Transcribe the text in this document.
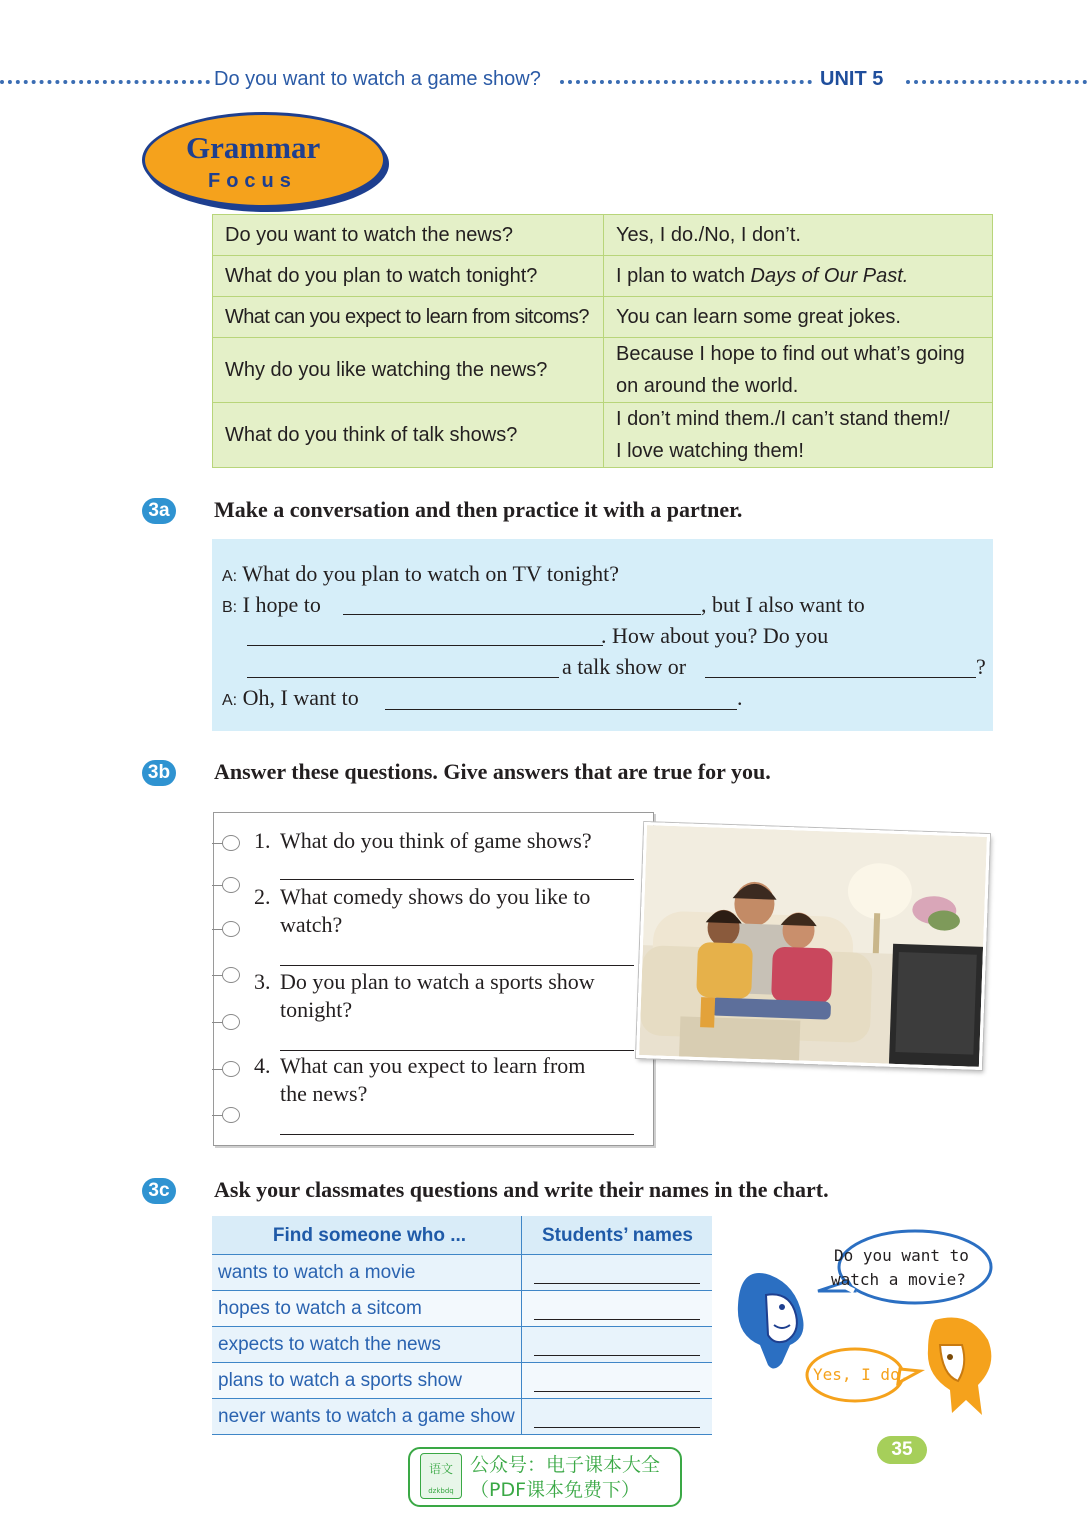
Do you want to watch a game show?	UNIT 5
Grammar
Focus
Do you want to watch the news?	Yes, I do./No, I don’t.
What do you plan to watch tonight?	I plan to watch Days of Our Past.
What can you expect to learn from sitcoms?	You can learn some great jokes.
Why do you like watching the news?	Because I hope to find out what’s going
on around the world.

What do you think of talk shows?	I don’t mind them./I can’t stand them!/
I love watching them!
3a Make a conversation and then practice it with a partner.
A: What do you plan to watch on TV tonight?
B: I hope to	, but I also want to
. How about you? Do you
a talk show or	?
A: Oh, I want to	.
3b Answer these questions. Give answers that are true for you.
1. What do you think of game shows?
2. What comedy shows do you like to
watch?
3. Do you plan to watch a sports show
tonight?
4. What can you expect to learn from
the news?
3c Ask your classmates questions and write their names in the chart.
Find someone who ...	Students’ names
wants to watch a movie
hopes to watch a sitcom
expects to watch the news
plans to watch a sports show
never wants to watch a game show
Do you want to
watch a movie?
Yes, I do.
语文
dzkbdq
公众号：电子课本大全
（PDF课本免费下）
35
